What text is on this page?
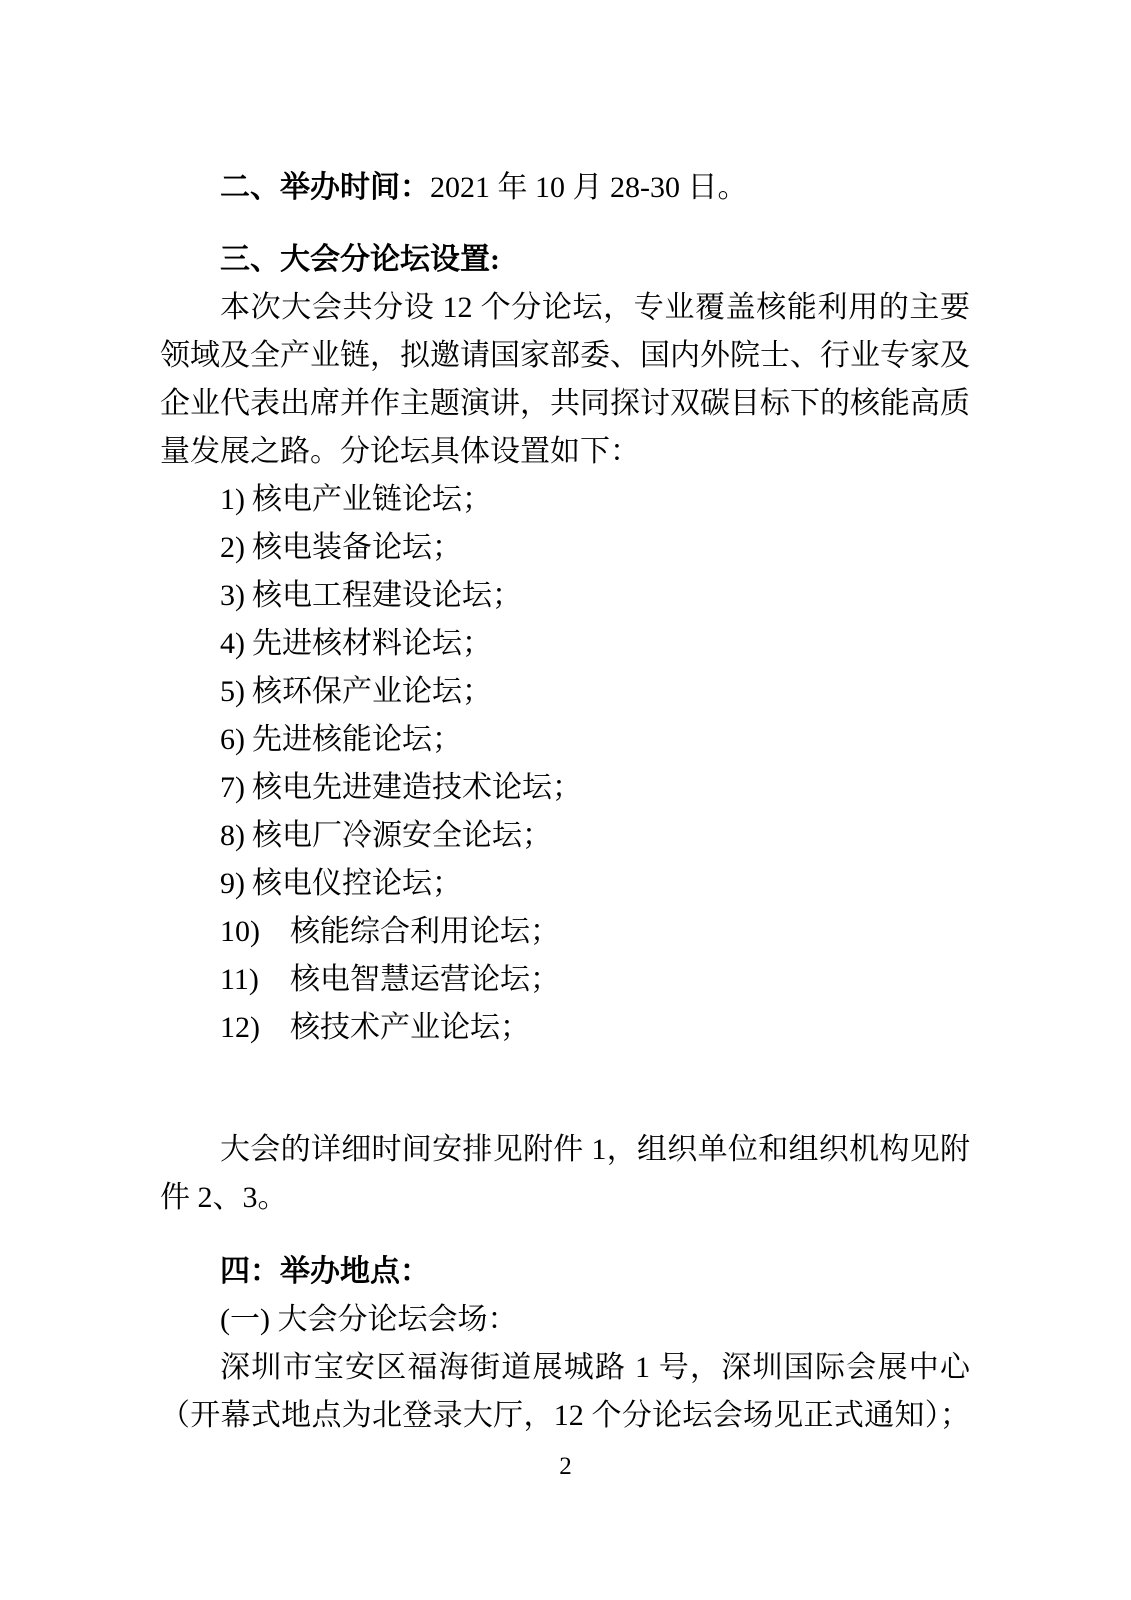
二、举办时间：2021 年 10 月 28-30 日。
三、大会分论坛设置:
本次大会共分设 12 个分论坛，专业覆盖核能利用的主要
领域及全产业链，拟邀请国家部委、国内外院士、行业专家及
企业代表出席并作主题演讲，共同探讨双碳目标下的核能高质
量发展之路。分论坛具体设置如下：
1) 核电产业链论坛；
2) 核电装备论坛；
3) 核电工程建设论坛；
4) 先进核材料论坛；
5) 核环保产业论坛；
6) 先进核能论坛；
7) 核电先进建造技术论坛；
8) 核电厂冷源安全论坛；
9) 核电仪控论坛；
10) 核能综合利用论坛；
11) 核电智慧运营论坛；
12) 核技术产业论坛；
大会的详细时间安排见附件 1，组织单位和组织机构见附
件 2、3。
四：举办地点：
(一) 大会分论坛会场：
深圳市宝安区福海街道展城路 1 号，深圳国际会展中心
（开幕式地点为北登录大厅，12 个分论坛会场见正式通知）；
2
